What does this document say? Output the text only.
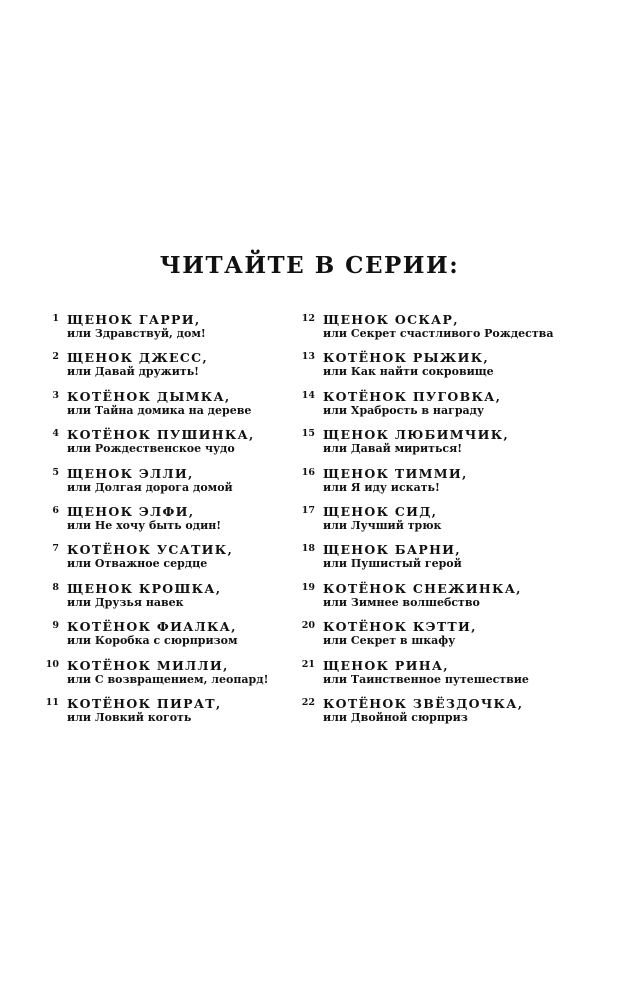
ЧИТАЙТЕ В СЕРИИ:
1 ЩЕНОК ГАРРИ,
или Здравствуй, дом!
2 ЩЕНОК ДЖЕСС,
или Давай дружить!
3 КОТЁНОК ДЫМКА,
или Тайна домика на дереве
4 КОТЁНОК ПУШИНКА,
или Рождественское чудо
5 ЩЕНОК ЭЛЛИ,
или Долгая дорога домой
6 ЩЕНОК ЭЛФИ,
или Не хочу быть один!
7 КОТЁНОК УСАТИК,
или Отважное сердце
8 ЩЕНОК КРОШКА,
или Друзья навек
9 КОТЁНОК ФИАЛКА,
или Коробка с сюрпризом
10 КОТЁНОК МИЛЛИ,
или С возвращением, леопард!
11 КОТЁНОК ПИРАТ,
или Ловкий коготь
12 ЩЕНОК ОСКАР,
или Секрет счастливого Рождества
13 КОТЁНОК РЫЖИК,
или Как найти сокровище
14 КОТЁНОК ПУГОВКА,
или Храбрость в награду
15 ЩЕНОК ЛЮБИМЧИК,
или Давай мириться!
16 ЩЕНОК ТИММИ,
или Я иду искать!
17 ЩЕНОК СИД,
или Лучший трюк
18 ЩЕНОК БАРНИ,
или Пушистый герой
19 КОТЁНОК СНЕЖИНКА,
или Зимнее волшебство
20 КОТЁНОК КЭТТИ,
или Секрет в шкафу
21 ЩЕНОК РИНА,
или Таинственное путешествие
22 КОТЁНОК ЗВЁЗДОЧКА,
или Двойной сюрприз
